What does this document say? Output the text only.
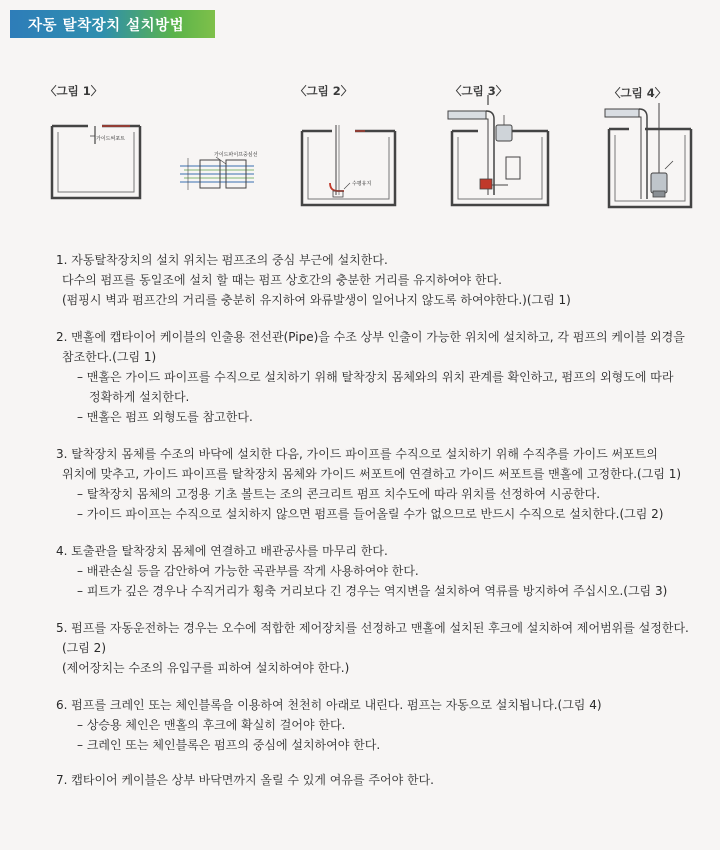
자동 탈착장치 설치방법
〈그림 1〉	〈그림 2〉	〈그림 3〉	〈그림 4〉
가이드써포트
가이드파이프중심선
수평유지
1. 자동탈착장치의 설치 위치는 펌프조의 중심 부근에 설치한다.
다수의 펌프를 동일조에 설치 할 때는 펌프 상호간의 충분한 거리를 유지하여야 한다.
(펌핑시 벽과 펌프간의 거리를 충분히 유지하여 와류발생이 일어나지 않도록 하여야한다.)(그림 1)
2. 맨홀에 캡타이어 케이블의 인출용 전선관(Pipe)을 수조 상부 인출이 가능한 위치에 설치하고, 각 펌프의 케이블 외경을
참조한다.(그림 1)
– 맨홀은 가이드 파이프를 수직으로 설치하기 위해 탈착장치 몸체와의 위치 관계를 확인하고, 펌프의 외형도에 따라
정확하게 설치한다.
– 맨홀은 펌프 외형도를 참고한다.
3. 탈착장치 몸체를 수조의 바닥에 설치한 다음, 가이드 파이프를 수직으로 설치하기 위해 수직추를 가이드 써포트의
위치에 맞추고, 가이드 파이프를 탈착장치 몸체와 가이드 써포트에 연결하고 가이드 써포트를 맨홀에 고정한다.(그림 1)
– 탈착장치 몸체의 고정용 기초 볼트는 조의 콘크리트 펌프 치수도에 따라 위치를 선정하여 시공한다.
– 가이드 파이프는 수직으로 설치하지 않으면 펌프를 들어올릴 수가 없으므로 반드시 수직으로 설치한다.(그림 2)
4. 토출관을 탈착장치 몸체에 연결하고 배관공사를 마무리 한다.
– 배관손실 등을 감안하여 가능한 곡관부를 작게 사용하여야 한다.
– 피트가 깊은 경우나 수직거리가 횡축 거리보다 긴 경우는 역지변을 설치하여 역류를 방지하여 주십시오.(그림 3)
5. 펌프를 자동운전하는 경우는 오수에 적합한 제어장치를 선정하고 맨홀에 설치된 후크에 설치하여 제어범위를 설정한다.
(그림 2)
(제어장치는 수조의 유입구를 피하여 설치하여야 한다.)
6. 펌프를 크레인 또는 체인블록을 이용하여 천천히 아래로 내린다. 펌프는 자동으로 설치됩니다.(그림 4)
– 상승용 체인은 맨홀의 후크에 확실히 걸어야 한다.
– 크레인 또는 체인블록은 펌프의 중심에 설치하여야 한다.
7. 캡타이어 케이블은 상부 바닥면까지 올릴 수 있게 여유를 주어야 한다.
